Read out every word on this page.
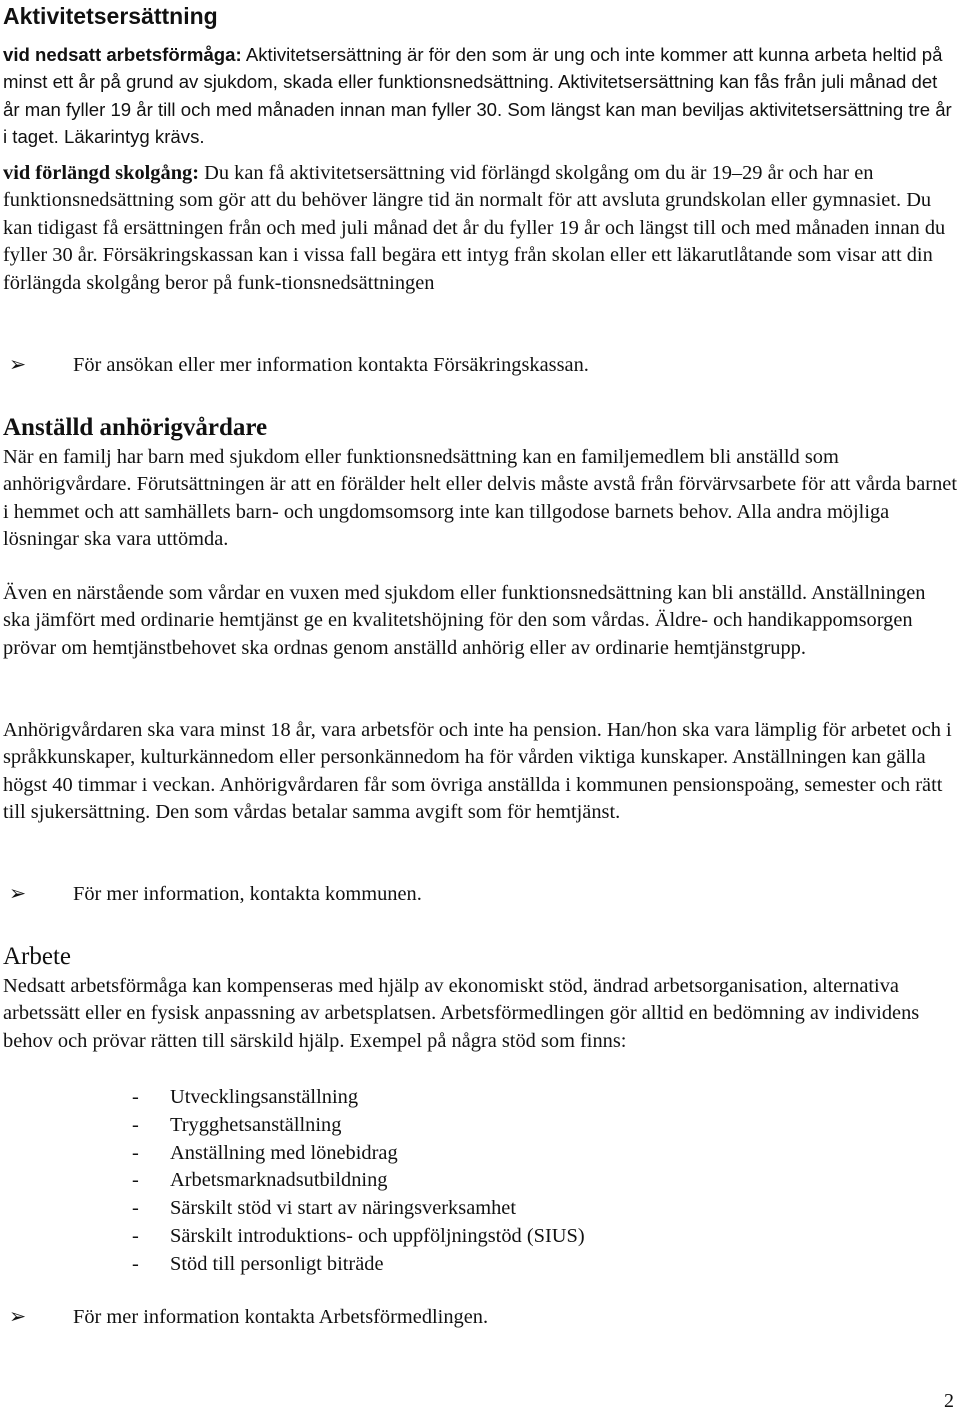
Aktivitetsersättning

vid nedsatt arbetsförmåga: Aktivitetsersättning är för den som är ung och inte kommer att kunna arbeta heltid på minst ett år på grund av sjukdom, skada eller funktionsnedsättning. Aktivitetsersättning kan fås från juli månad det år man fyller 19 år till och med månaden innan man fyller 30. Som längst kan man beviljas aktivitetsersättning tre år i taget. Läkarintyg krävs.

vid förlängd skolgång: Du kan få aktivitetsersättning vid förlängd skolgång om du är 19–29 år och har en funktionsnedsättning som gör att du behöver längre tid än normalt för att avsluta grundskolan eller gymnasiet. Du kan tidigast få ersättningen från och med juli månad det år du fyller 19 år och längst till och med månaden innan du fyller 30 år. Försäkringskassan kan i vissa fall begära ett intyg från skolan eller ett läkarutlåtande som visar att din förlängda skolgång beror på funk-tionsnedsättningen

➢ För ansökan eller mer information kontakta Försäkringskassan.
Anställd anhörigvårdare

När en familj har barn med sjukdom eller funktionsnedsättning kan en familjemedlem bli anställd som anhörigvårdare. Förutsättningen är att en förälder helt eller delvis måste avstå från förvärvsarbete för att vårda barnet i hemmet och att samhällets barn- och ungdomsomsorg inte kan tillgodose barnets behov. Alla andra möjliga lösningar ska vara uttömda.

Även en närstående som vårdar en vuxen med sjukdom eller funktionsnedsättning kan bli anställd. Anställningen ska jämfört med ordinarie hemtjänst ge en kvalitetshöjning för den som vårdas. Äldre- och handikappomsorgen prövar om hemtjänstbehovet ska ordnas genom anställd anhörig eller av ordinarie hemtjänstgrupp.

Anhörigvårdaren ska vara minst 18 år, vara arbetsför och inte ha pension. Han/hon ska vara lämplig för arbetet och i språkkunskaper, kulturkännedom eller personkännedom ha för vården viktiga kunskaper. Anställningen kan gälla högst 40 timmar i veckan. Anhörigvårdaren får som övriga anställda i kommunen pensionspoäng, semester och rätt till sjukersättning. Den som vårdas betalar samma avgift som för hemtjänst.

➢ För mer information, kontakta kommunen.
Arbete

Nedsatt arbetsförmåga kan kompenseras med hjälp av ekonomiskt stöd, ändrad arbetsorganisation, alternativa arbetssätt eller en fysisk anpassning av arbetsplatsen. Arbetsförmedlingen gör alltid en bedömning av individens behov och prövar rätten till särskild hjälp. Exempel på några stöd som finns:

- Utvecklingsanställning
- Trygghetsanställning
- Anställning med lönebidrag
- Arbetsmarknadsutbildning
- Särskilt stöd vi start av näringsverksamhet
- Särskilt introduktions- och uppföljningstöd (SIUS)
- Stöd till personligt biträde
➢ För mer information kontakta Arbetsförmedlingen.
2
